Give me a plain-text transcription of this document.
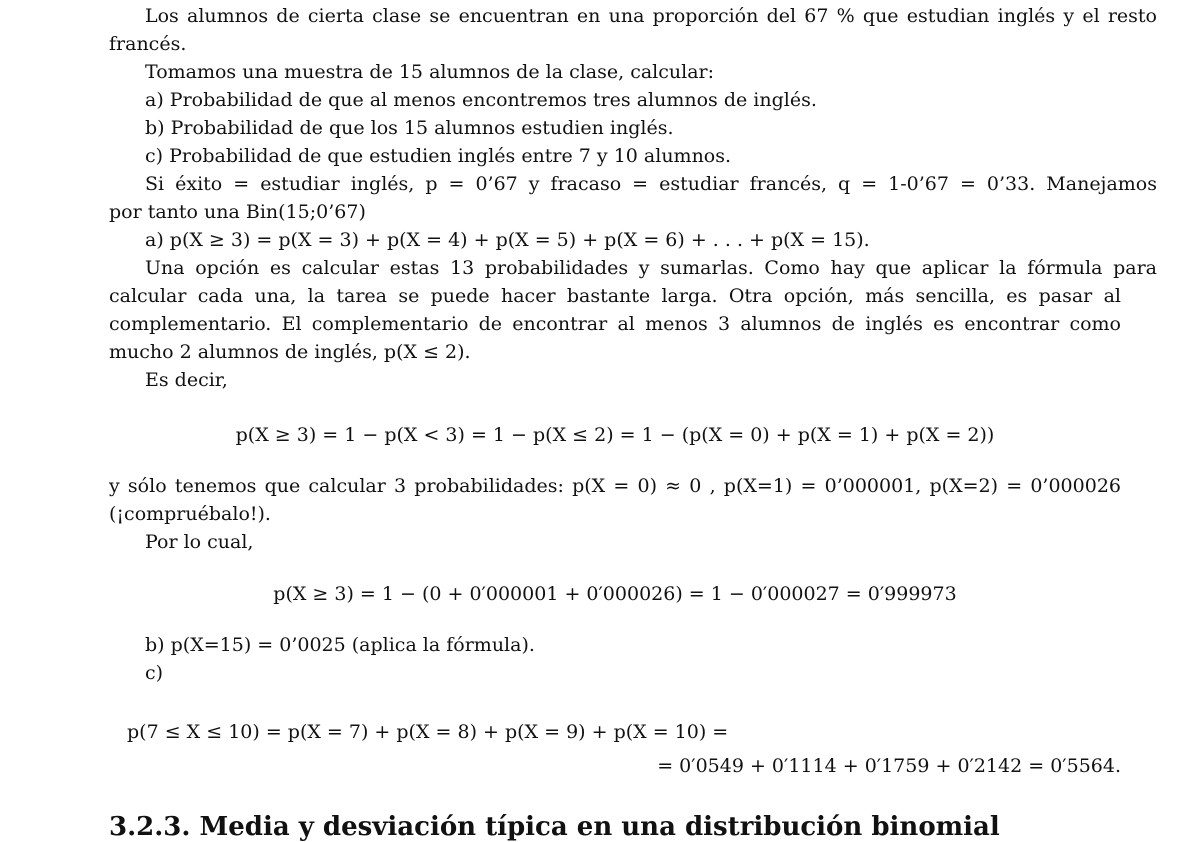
Los alumnos de cierta clase se encuentran en una proporción del 67 % que estudian inglés y el resto
francés.
Tomamos una muestra de 15 alumnos de la clase, calcular:
a) Probabilidad de que al menos encontremos tres alumnos de inglés.
b) Probabilidad de que los 15 alumnos estudien inglés.
c) Probabilidad de que estudien inglés entre 7 y 10 alumnos.
Si éxito = estudiar inglés, p = 0’67 y fracaso = estudiar francés, q = 1-0’67 = 0’33. Manejamos
por tanto una Bin(15;0’67)
a) p(X ≥ 3) = p(X = 3) + p(X = 4) + p(X = 5) + p(X = 6) + . . . + p(X = 15).
Una opción es calcular estas 13 probabilidades y sumarlas. Como hay que aplicar la fórmula para
calcular cada una, la tarea se puede hacer bastante larga. Otra opción, más sencilla, es pasar al
complementario. El complementario de encontrar al menos 3 alumnos de inglés es encontrar como
mucho 2 alumnos de inglés, p(X ≤ 2).
Es decir,
p(X ≥ 3) = 1 − p(X < 3) = 1 − p(X ≤ 2) = 1 − (p(X = 0) + p(X = 1) + p(X = 2))
y sólo tenemos que calcular 3 probabilidades: p(X = 0) ≈ 0 , p(X=1) = 0’000001, p(X=2) = 0’000026
(¡compruébalo!).
Por lo cual,
p(X ≥ 3) = 1 − (0 + 0′000001 + 0′000026) = 1 − 0′000027 = 0′999973
b) p(X=15) = 0’0025 (aplica la fórmula).
c)
p(7 ≤ X ≤ 10) = p(X = 7) + p(X = 8) + p(X = 9) + p(X = 10) =
= 0′0549 + 0′1114 + 0′1759 + 0′2142 = 0′5564.
3.2.3. Media y desviación típica en una distribución binomial
